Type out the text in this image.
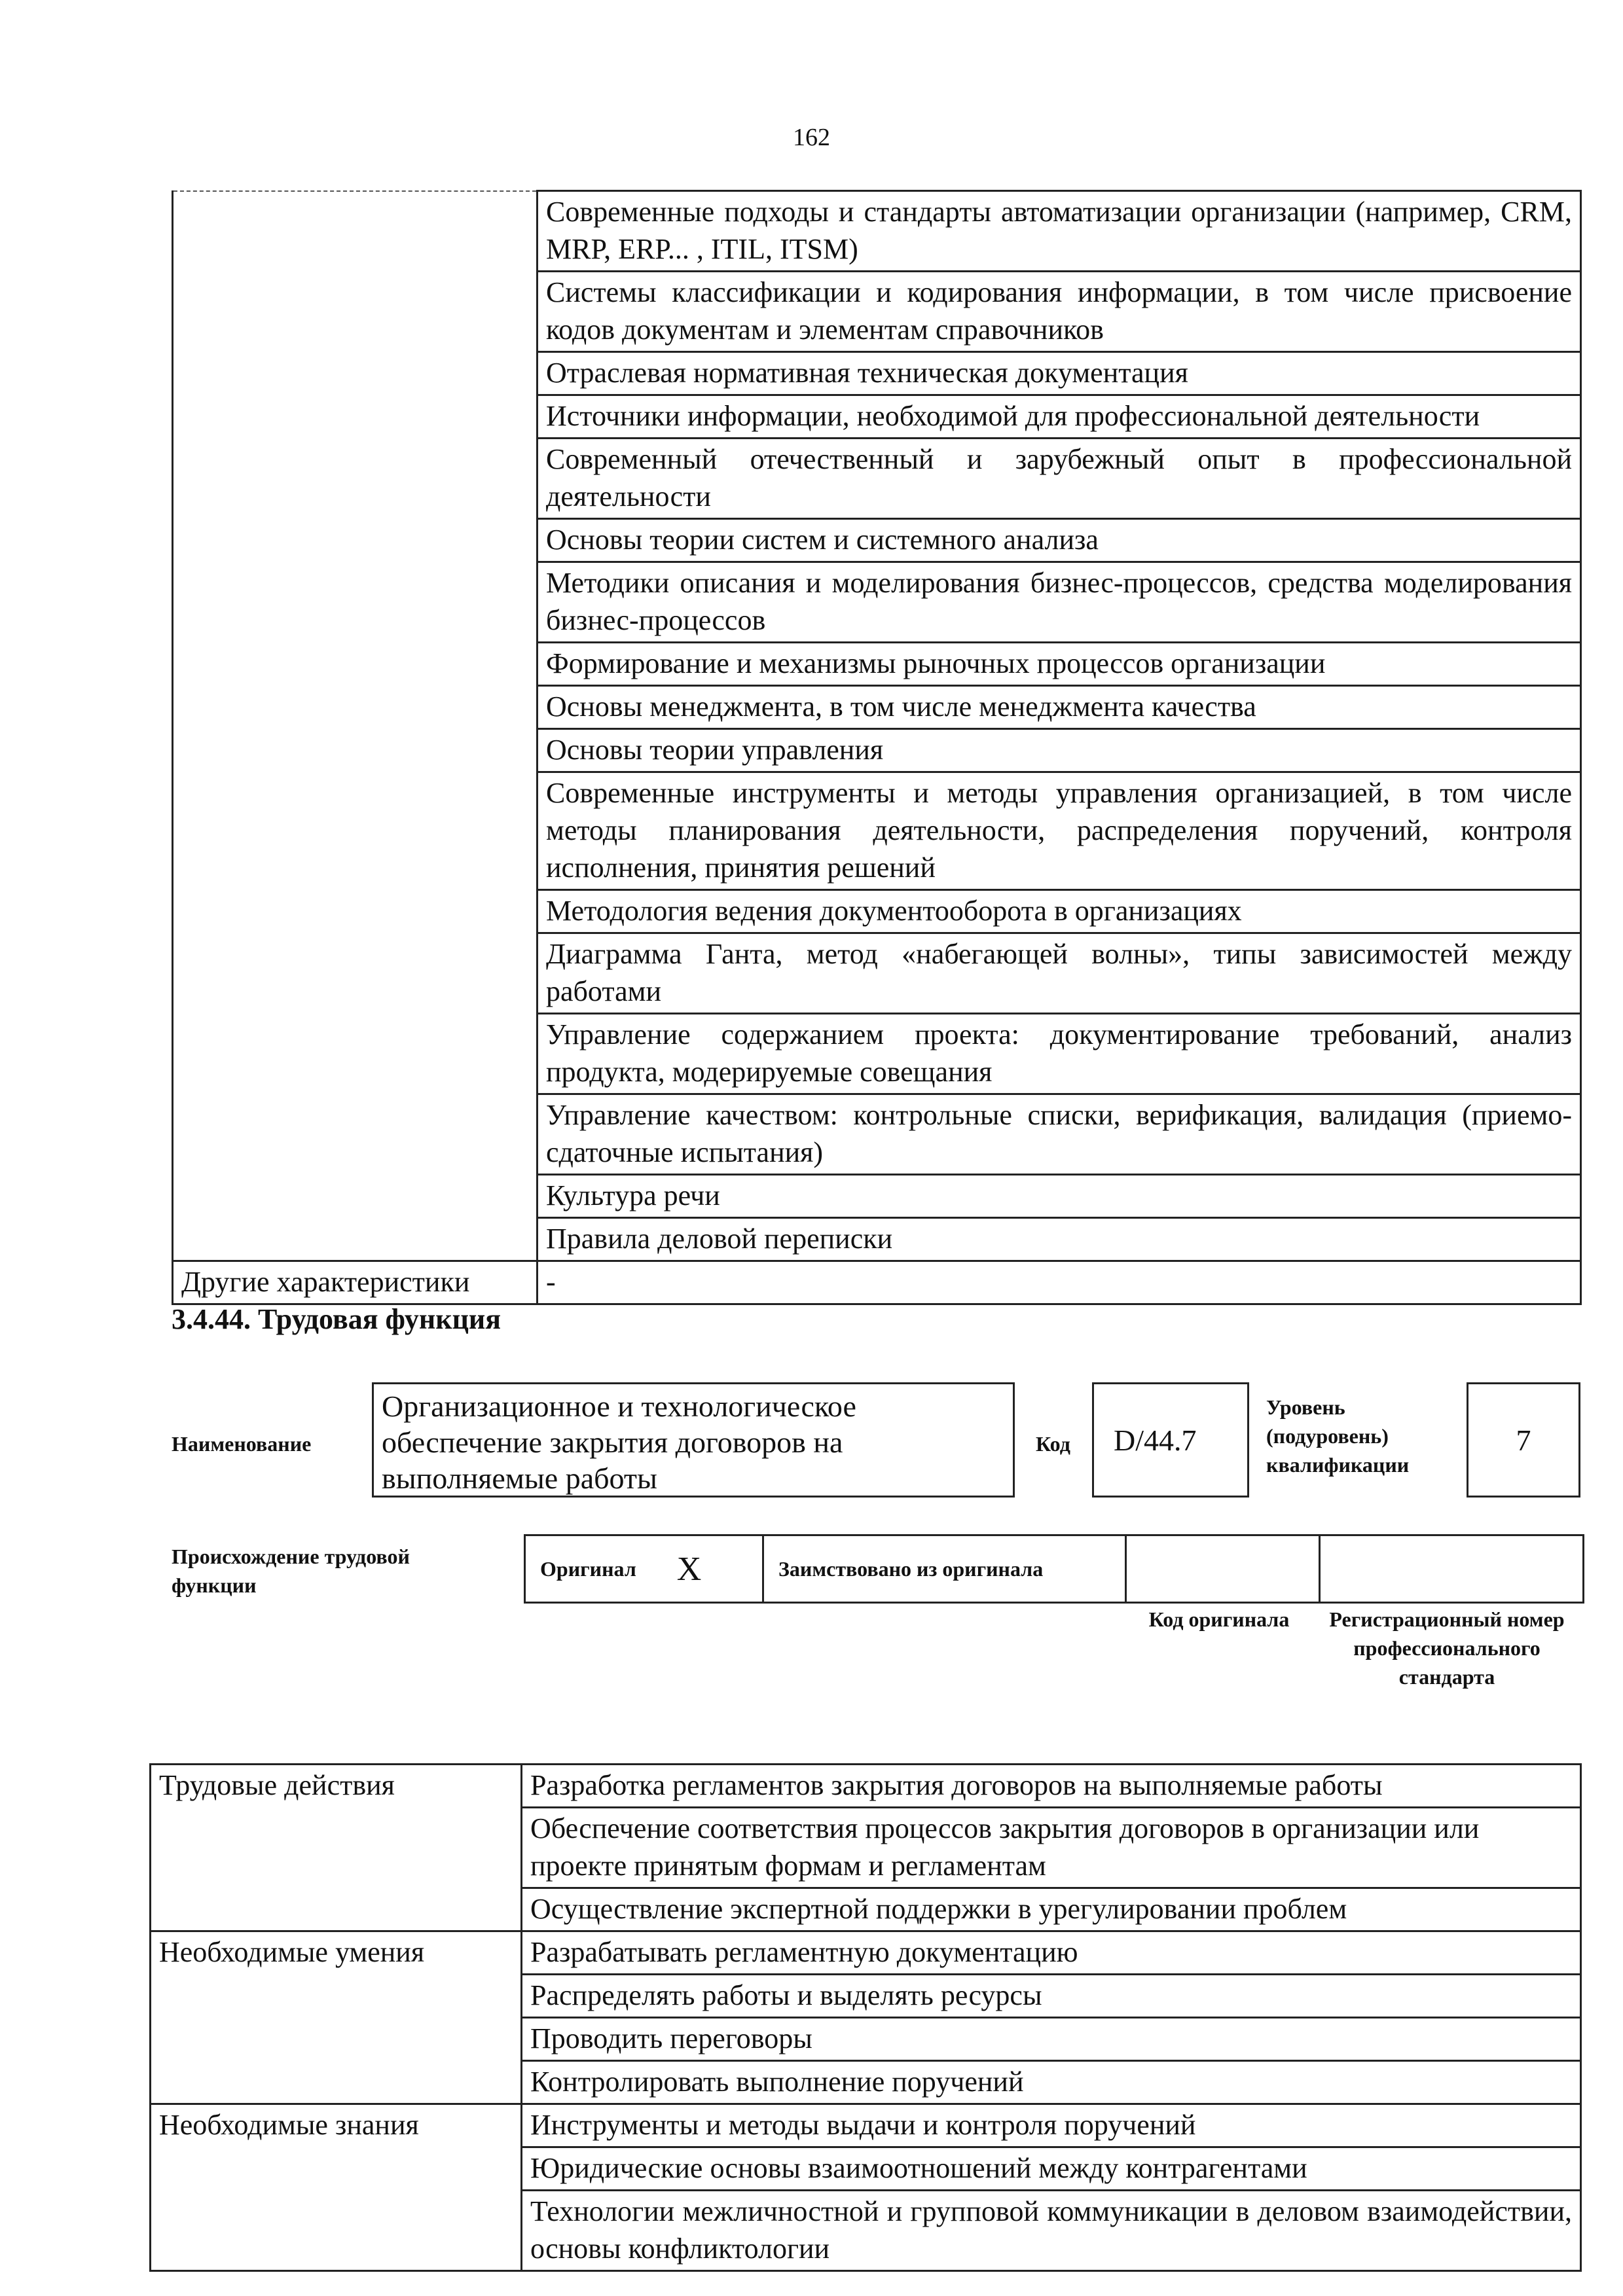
162
	Современные подходы и стандарты автоматизации организации (например, CRM, MRP, ERP... , ITIL, ITSM)
	Системы классификации и кодирования информации, в том числе присвоение кодов документам и элементам справочников
	Отраслевая нормативная техническая документация
	Источники информации, необходимой для профессиональной деятельности
	Современный отечественный и зарубежный опыт в профессиональной деятельности
	Основы теории систем и системного анализа
	Методики описания и моделирования бизнес-процессов, средства моделирования бизнес-процессов
	Формирование и механизмы рыночных процессов организации
	Основы менеджмента, в том числе менеджмента качества
	Основы теории управления
	Современные инструменты и методы управления организацией, в том числе методы планирования деятельности, распределения поручений, контроля исполнения, принятия решений
	Методология ведения документооборота в организациях
	Диаграмма Ганта, метод «набегающей волны», типы зависимостей между работами
	Управление содержанием проекта: документирование требований, анализ продукта, модерируемые совещания
	Управление качеством: контрольные списки, верификация, валидация (приемо-сдаточные испытания)
	Культура речи
	Правила деловой переписки
Другие характеристики	-
3.4.44. Трудовая функция
Наименование
Организационное и технологическое обеспечение закрытия договоров на выполняемые работы
Код D/44.7
Уровень (подуровень) квалификации
7
Происхождение трудовой функции
Оригинал X	Заимствовано из оригинала
Код оригинала	Регистрационный номер профессионального стандарта
Трудовые действия	Разработка регламентов закрытия договоров на выполняемые работы
	Обеспечение соответствия процессов закрытия договоров в организации или проекте принятым формам и регламентам
	Осуществление экспертной поддержки в урегулировании проблем
Необходимые умения	Разрабатывать регламентную документацию
	Распределять работы и выделять ресурсы
	Проводить переговоры
	Контролировать выполнение поручений
Необходимые знания	Инструменты и методы выдачи и контроля поручений
	Юридические основы взаимоотношений между контрагентами
	Технологии межличностной и групповой коммуникации в деловом взаимодействии, основы конфликтологии
